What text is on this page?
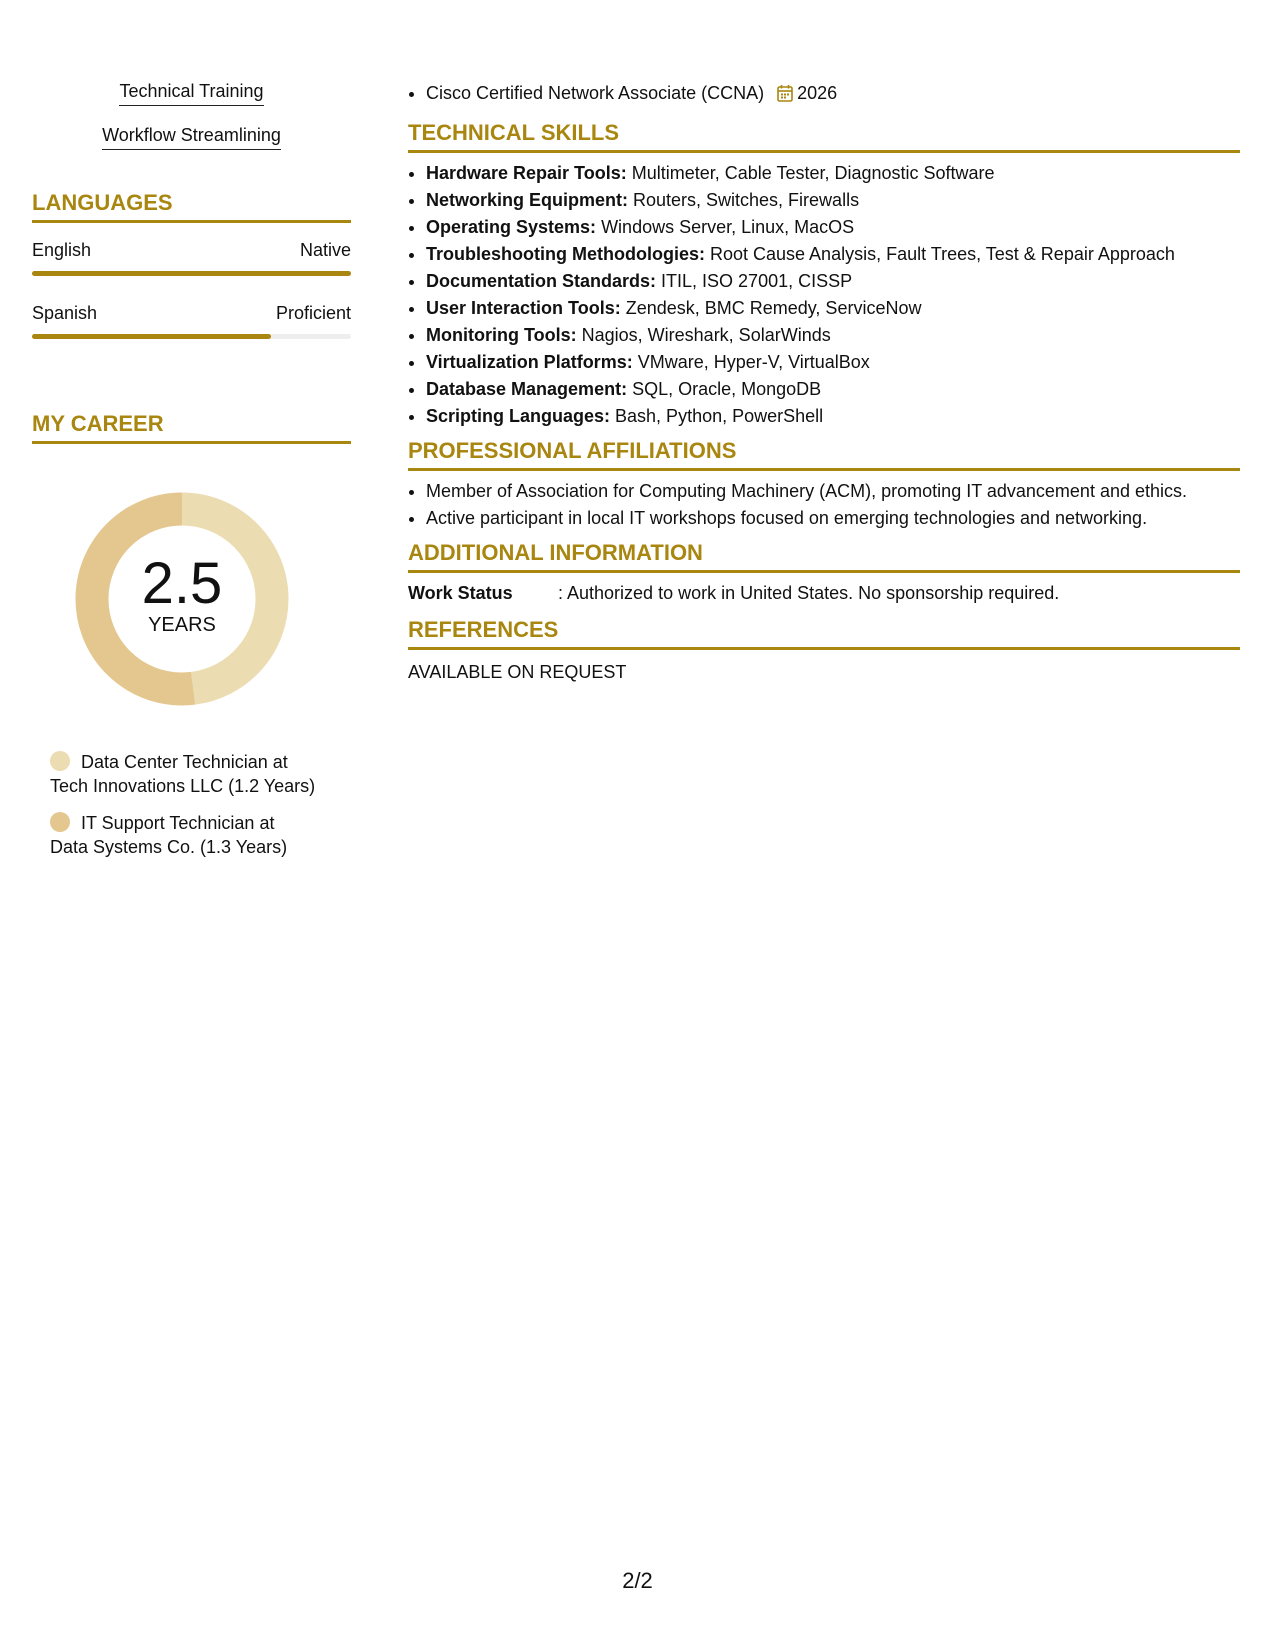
Technical Training
Workflow Streamlining
LANGUAGES
English	Native
Spanish	Proficient
MY CAREER
2.5
YEARS
Data Center Technician at
Tech Innovations LLC (1.2 Years)
IT Support Technician at
Data Systems Co. (1.3 Years)
• Cisco Certified Network Associate (CCNA) 2026
TECHNICAL SKILLS
• Hardware Repair Tools: Multimeter, Cable Tester, Diagnostic Software
• Networking Equipment: Routers, Switches, Firewalls
• Operating Systems: Windows Server, Linux, MacOS
• Troubleshooting Methodologies: Root Cause Analysis, Fault Trees, Test & Repair Approach
• Documentation Standards: ITIL, ISO 27001, CISSP
• User Interaction Tools: Zendesk, BMC Remedy, ServiceNow
• Monitoring Tools: Nagios, Wireshark, SolarWinds
• Virtualization Platforms: VMware, Hyper-V, VirtualBox
• Database Management: SQL, Oracle, MongoDB
• Scripting Languages: Bash, Python, PowerShell
PROFESSIONAL AFFILIATIONS
• Member of Association for Computing Machinery (ACM), promoting IT advancement and ethics.
• Active participant in local IT workshops focused on emerging technologies and networking.
ADDITIONAL INFORMATION
Work Status	: Authorized to work in United States. No sponsorship required.
REFERENCES
AVAILABLE ON REQUEST
2/2
